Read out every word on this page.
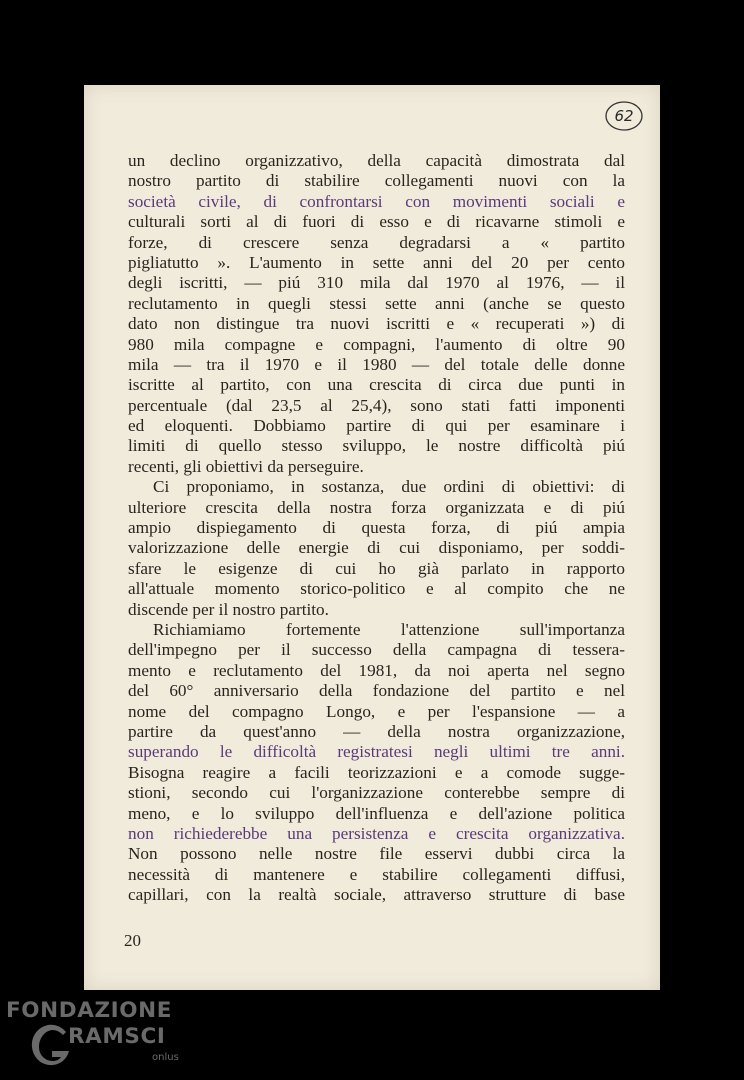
62
un declino organizzativo, della capacità dimostrata dal
nostro partito di stabilire collegamenti nuovi con la
società civile, di confrontarsi con movimenti sociali e
culturali sorti al di fuori di esso e di ricavarne stimoli e
forze, di crescere senza degradarsi a « partito
pigliatutto ». L'aumento in sette anni del 20 per cento
degli iscritti, — piú 310 mila dal 1970 al 1976, — il
reclutamento in quegli stessi sette anni (anche se questo
dato non distingue tra nuovi iscritti e « recuperati ») di
980 mila compagne e compagni, l'aumento di oltre 90
mila — tra il 1970 e il 1980 — del totale delle donne
iscritte al partito, con una crescita di circa due punti in
percentuale (dal 23,5 al 25,4), sono stati fatti imponenti
ed eloquenti. Dobbiamo partire di qui per esaminare i
limiti di quello stesso sviluppo, le nostre difficoltà piú
recenti, gli obiettivi da perseguire.
Ci proponiamo, in sostanza, due ordini di obiettivi: di
ulteriore crescita della nostra forza organizzata e di piú
ampio dispiegamento di questa forza, di piú ampia
valorizzazione delle energie di cui disponiamo, per soddi-
sfare le esigenze di cui ho già parlato in rapporto
all'attuale momento storico-politico e al compito che ne
discende per il nostro partito.
Richiamiamo fortemente l'attenzione sull'importanza
dell'impegno per il successo della campagna di tessera-
mento e reclutamento del 1981, da noi aperta nel segno
del 60° anniversario della fondazione del partito e nel
nome del compagno Longo, e per l'espansione — a
partire da quest'anno — della nostra organizzazione,
superando le difficoltà registratesi negli ultimi tre anni.
Bisogna reagire a facili teorizzazioni e a comode sugge-
stioni, secondo cui l'organizzazione conterebbe sempre di
meno, e lo sviluppo dell'influenza e dell'azione politica
non richiederebbe una persistenza e crescita organizzativa.
Non possono nelle nostre file esservi dubbi circa la
necessità di mantenere e stabilire collegamenti diffusi,
capillari, con la realtà sociale, attraverso strutture di base
20
FONDAZIONE
RAMSCI
onlus
